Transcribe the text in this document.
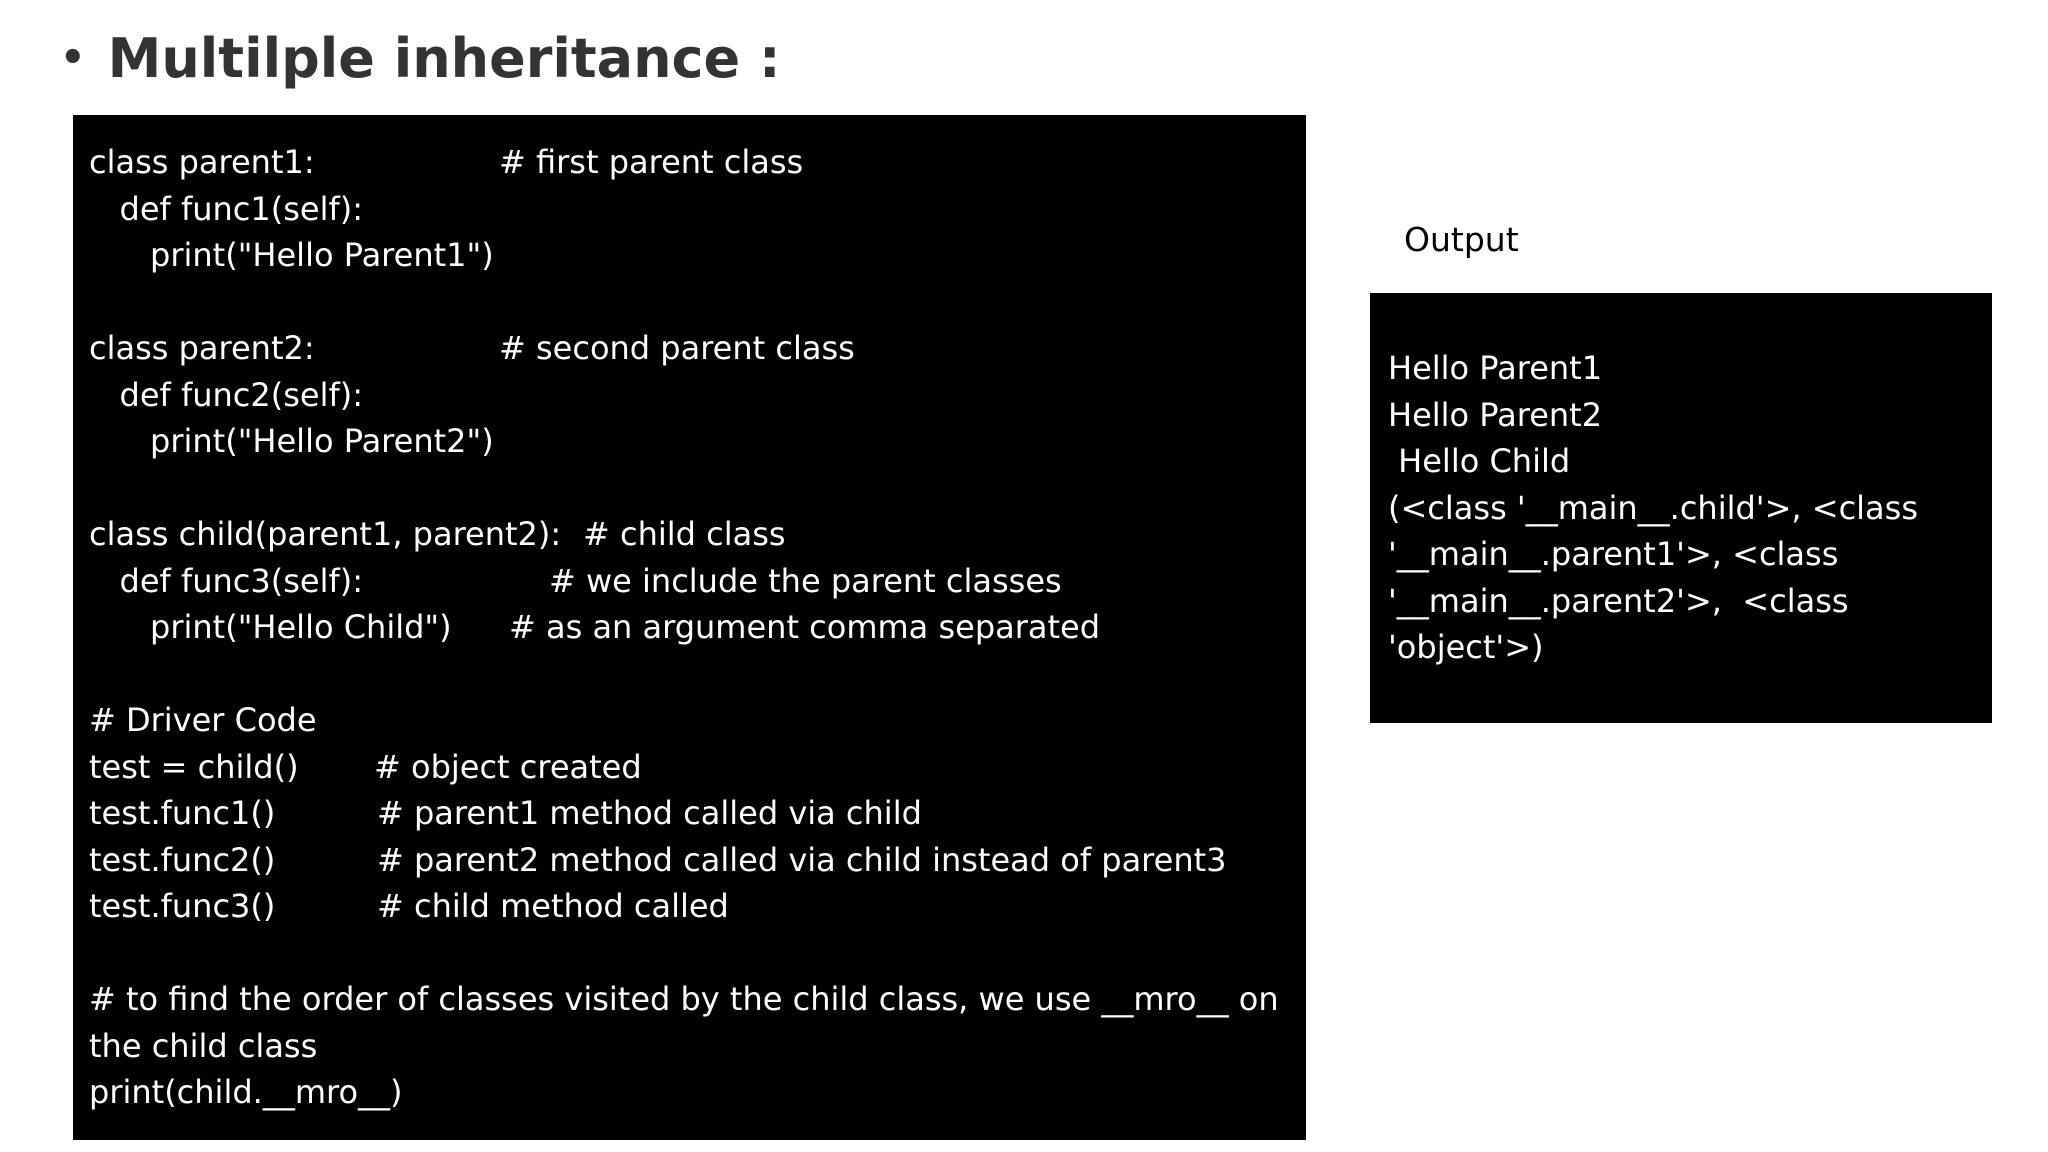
• Multilple inheritance :
class parent1:	# first parent class
def func1(self):
print("Hello Parent1")
class parent2:	# second parent class
def func2(self):
print("Hello Parent2")
class child(parent1, parent2): # child class
def func3(self):	# we include the parent classes
print("Hello Child") # as an argument comma separated
# Driver Code
test = child() # object created
test.func1()	# parent1 method called via child
test.func2()	# parent2 method called via child instead of parent3
test.func3()	# child method called
# to find the order of classes visited by the child class, we use __mro__ on
the child class
print(child.__mro__)
Output
Hello Parent1
Hello Parent2
Hello Child
(<class '__main__.child'>, <class
'__main__.parent1'>, <class
'__main__.parent2'>,  <class
'object'>)
